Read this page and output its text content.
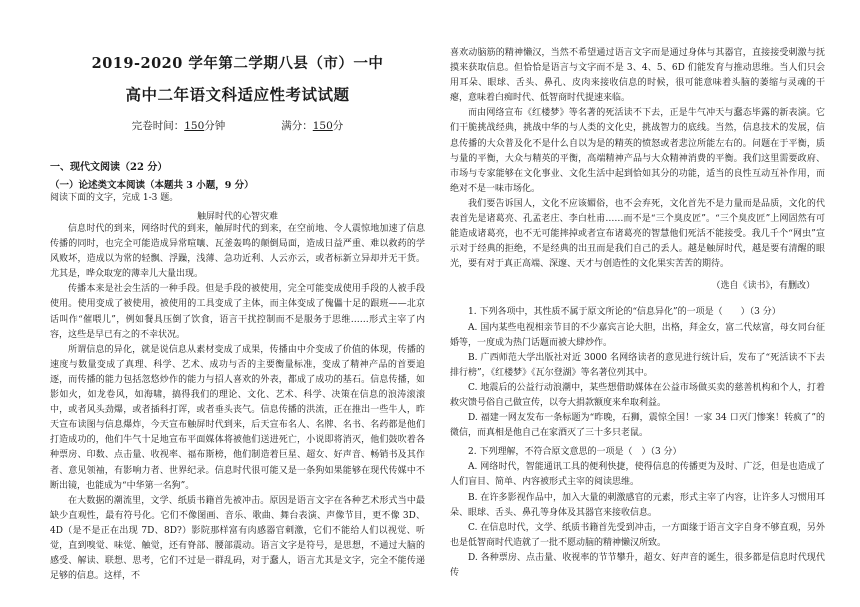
2019-2020 学年第二学期八县（市）一中
高中二年语文科适应性考试试题
完卷时间：150分钟	满分：150分
一、现代文阅读（22 分）
（一）论述类文本阅读（本题共 3 小题，9 分）
阅读下面的文字，完成 1-3 题。
触屏时代的心智灾难

信息时代的到来，网络时代的到来，触屏时代的到来，在空前地、令人震惊地加速了信息传播的同时，也完全可能造成异常喧嚷、瓦釜轰鸣的颠倒局面，造成日益严重、难以救药的学风败坏，造成以为常的轻飘、浮躁，浅薄、急功近利、人云亦云，或者标新立异却并无干货。尤其是，哗众取宠的薄幸儿大量出现。

传播本来是社会生活的一种手段。但是手段的被使用，完全可能变成使用手段的人被手段使用。使用变成了被使用，被使用的工具变成了主体，而主体变成了傀儡十足的跟班——北京话叫作“催喂儿”，例如餐具压倒了饮食，语言干扰控制而不是服务于思维……形式主宰了内容，这些是早已有之的不幸状况。

所谓信息的异化，就是说信息从素材变成了成果，传播由中介变成了价值的体现，传播的速度与数量变成了真理、科学、艺术、成功与否的主要衡量标准，变成了精神产品的首要追逐，而传播的能力包括忽悠炒作的能力与招人喜欢的外表，都成了成功的基石。信息传播，如影如火，如龙卷风，如海啸，搞得我们的理论、文化、艺术、科学、决策在信息的浪涛滚滚中，或者风头劲爆，或者插科打诨，或者垂头丧气。信息传播的洪流，正在推出一些牛人，昨天宣布读图与信息爆炸，今天宣布触屏时代到来，后天宣布名人、名牌、名书、名药都是他们打造成功的，他们牛气十足地宣布平面媒体将被他们送进死亡，小说即将消灭，他们鼓吹着各种票房、印数、点击量、收视率、福布斯榜，他们制造着巨星、超女、好声音、畅销书及其作者、意见领袖，有影响力者、世界纪录。信息时代很可能又是一条狗如果能够在现代传媒中不断出镜，也能成为“中华第一名狗”。

在大数据的潮流里，文学、纸质书籍首先被冲击。原因是语言文字在各种艺术形式当中最缺少直观性，最有符号化。它们不像图画、音乐、歌曲、舞台表演、声像节目，更不像 3D、4D（是不是正在出现 7D、8D?）影院那样富有肉感器官刺激，它们不能给人们以视觉、听觉，直到嗅觉、味觉、触觉，还有脊部、腰部震动。语言文字是符号，是思想，不通过大脑的感受、解读、联想、思考，它们不过是一群乱码，对于蠢人，语言尤其是文字，完全不能传递足够的信息。这样，不

喜欢动脑筋的精神懒汉，当然不希望通过语言文字而是通过身体与其器官，直接接受刺激与抚摸来获取信息。但恰恰是语言与文字而不是 3、4、5、6D 们能发育与推动思维。当人们只会用耳朵、眼球、舌头、鼻孔、皮肉来接收信息的时候，很可能意味着头脑的萎缩与灵魂的干瘪，意味着白痴时代、低智商时代提速来临。

而由网络宣布《红楼梦》等名著的死活读不下去，正是牛气冲天与蠢态毕露的新表演。它们干脆挑战经典，挑战中华的与人类的文化史，挑战智力的底线。当然，信息技术的发展，信息传播的大众普及化不是什么自以为是的精英的愤怒或者悲泣所能左右的。问题在于平衡，质与量的平衡，大众与精英的平衡，高端精神产品与大众精神消费的平衡。我们这里需要政府、市场与专家能够在文化事业、文化生活中起到恰如其分的功能，适当的良性互动互补作用，而绝对不是一味市场化。

我们要告诉国人，文化不应该媚俗，也不会弃死，文化首先不是力量而是品质，文化的代表首先是诸葛亮、孔孟老庄、李白杜甫……而不是“三个臭皮匠”。“三个臭皮匠”上网固然有可能造成诸葛亮，也不无可能摔掉或者宣布诸葛亮的智慧他们死活不能接受。我几千个“网虫”宣示对于经典的拒绝，不是经典的出丑而是我们自己的丢人。越是触屏时代，越是要有清醒的眼光，要有对于真正高端、深邃、天才与创造性的文化果实苦苦的期待。

（选自《读书》，有删改）
1. 下列各项中，其性质不属于原文所论的“信息异化”的一项是（　　）（3 分）
A. 国内某些电视相亲节目的不少嘉宾言论大胆，出格，拜金女，富二代炫富，母女同台征婚等，一度成为热门话题而被大肆炒作。
B. 广西师范大学出版社对近 3000 名网络读者的意见进行统计后，发布了“死活读不下去排行榜”，《红楼梦》《瓦尔登湖》等名著位列其中。
C. 地震后的公益行动浪潮中，某些想借助媒体在公益市场做买卖的慈善机构和个人，打着救灾馈号俗自己做宣传，以夸大捐款额度来牟取利益。
D. 福建一网友发布一条标题为“昨晚，石狮，震惊全国！一家 34 口灭门惨案！转疯了”的微信，而真相是他自己在家酒灭了三十多只老鼠。
2. 下列理解，不符合原文意思的一项是（　）（3 分）
A. 网络时代，智能通讯工具的便利快捷，使得信息的传播更为及时、广泛，但是也造成了人们盲目、简单、内容被形式主宰的阅读思维。
B. 在许多影视作品中，加入大量的刺激感官的元素，形式主宰了内容，让许多人习惯用耳朵、眼球、舌头、鼻孔等身体及其器官来接收信息。
C. 在信息时代，文学、纸质书籍首先受到冲击，一方面缘于语言文字自身不够直观，另外也是低智商时代造就了一批不愿动脑的精神懒汉所致。
D. 各种票房、点击量、收视率的节节攀升，超女、好声音的诞生，很多都是信息时代现代传
